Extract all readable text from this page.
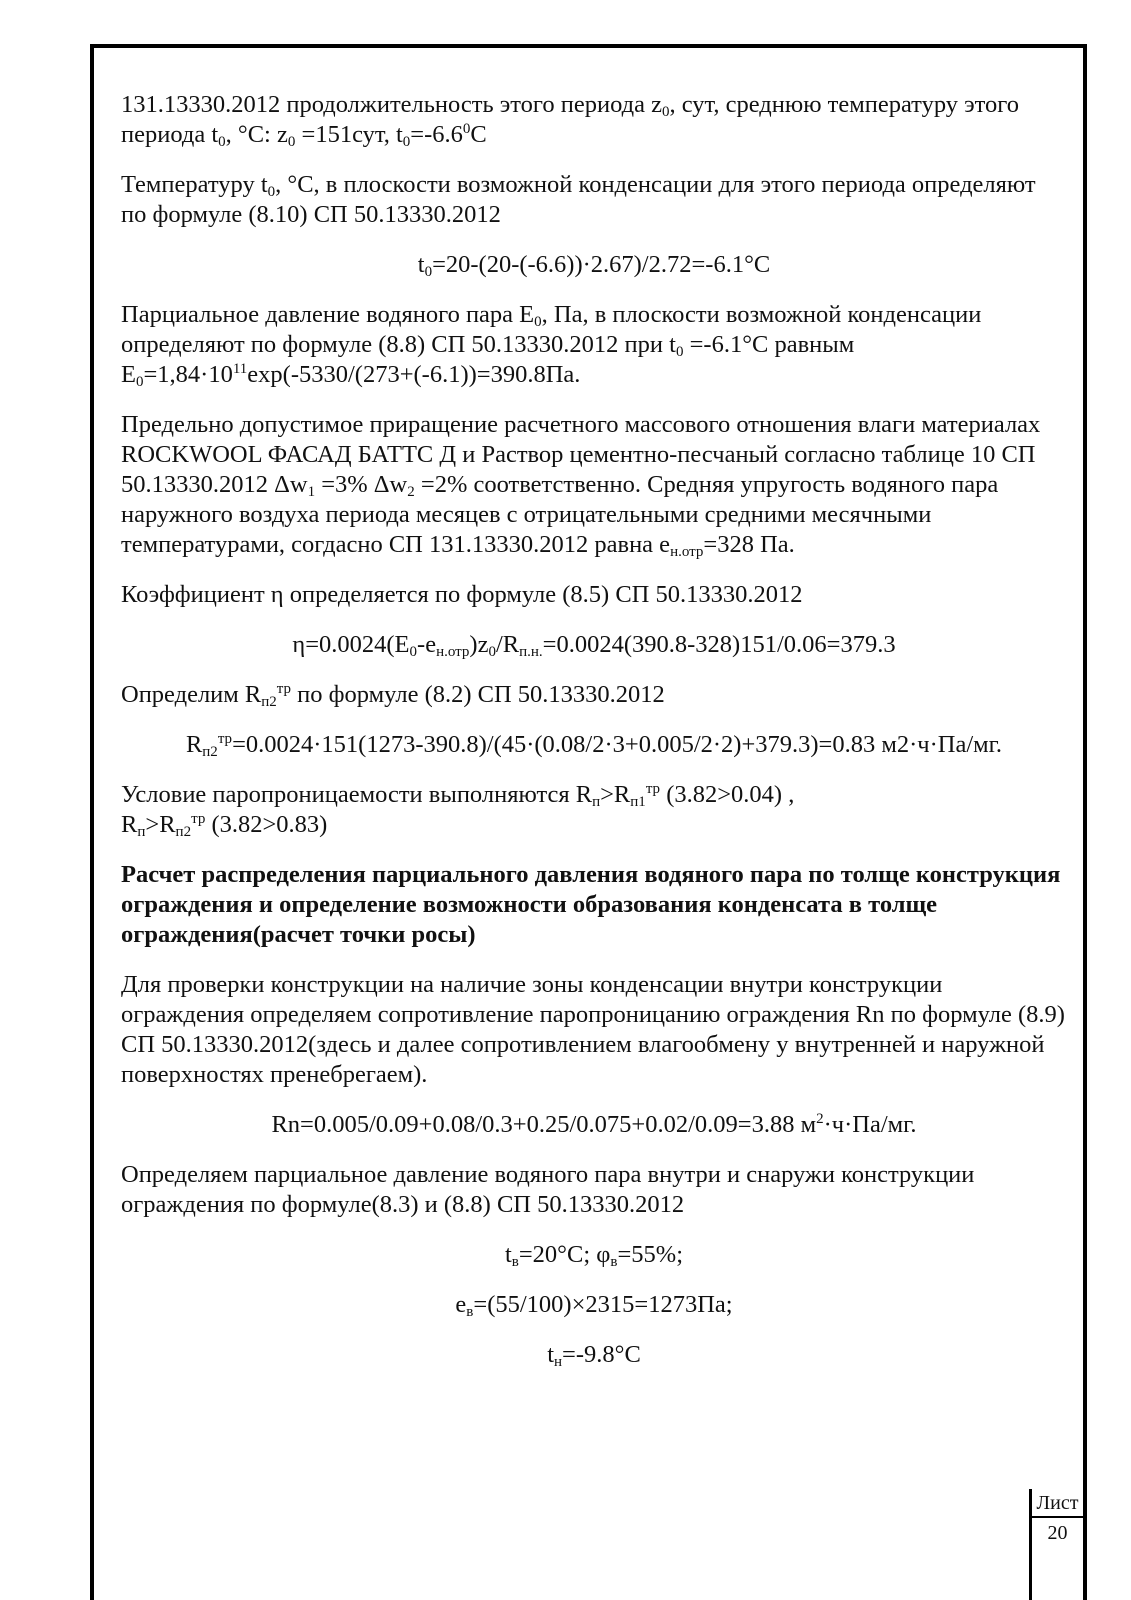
131.13330.2012 продолжительность этого периода $z_0$, сут, среднюю температуру этого периода $t_0$, °С: $z_0 =151сут$, $t_0=-6.6^0С$

Температуру $t_0$, °С, в плоскости возможной конденсации для этого периода определяют по формуле (8.10) СП 50.13330.2012

$t_0=20-(20-(-6.6))\cdot 2.67)/2.72=-6.1^\circ С$

Парциальное давление водяного пара $Е_0$, Па, в плоскости возможной конденсации определяют по формуле (8.8) СП 50.13330.2012 при $t_0 =-6.1^\circ С$ равным $Е_0=1,84\cdot 10^{11}\exp(-5330/(273+(-6.1))=390.8Па$.

Предельно допустимое приращение расчетного массового отношения влаги материалах ROCKWOOL ФАСАД БАТТС Д и Раствор цементно-песчаный согласно таблице 10 СП 50.13330.2012 $\Delta w_1 =3\%$ $\Delta w_2 =2\%$ соответственно. Средняя упругость водяного пара наружного воздуха периода месяцев с отрицательными средними месячными температурами, согдасно СП 131.13330.2012 равна $е_{н.отр}=328$ Па.

Коэффициент η определяется по формуле (8.5) СП 50.13330.2012

$\eta=0.0024(Е_0-е_{н.отр})z_0/R_{п.н.}=0.0024(390.8-328)151/0.06=379.3$

Определим $R_{п2}^{тр}$ по формуле (8.2) СП 50.13330.2012

$R_{п2}^{тр}=0.0024\cdot 151(1273-390.8)/(45\cdot(0.08/2\cdot 3+0.005/2\cdot 2)+379.3)=0.83$ м2·ч·Па/мг.

Условие паропроницаемости выполняются $R_п>R_{п1}^{тр}$ (3.82>0.04) ,
$R_п>R_{п2}^{тр}$ (3.82>0.83)

Расчет распределения парциального давления водяного пара по толще конструкция ограждения и определение возможности образования конденсата в толще ограждения(расчет точки росы)

Для проверки конструкции на наличие зоны конденсации внутри конструкции ограждения определяем сопротивление паропроницанию ограждения Rn по формуле (8.9) СП 50.13330.2012(здесь и далее сопротивлением влагообмену у внутренней и наружной поверхностях пренебрегаем).

Rn=0.005/0.09+0.08/0.3+0.25/0.075+0.02/0.09=3.88 $м^2\cdot ч\cdot Па/мг$.

Определяем парциальное давление водяного пара внутри и снаружи конструкции ограждения по формуле(8.3) и (8.8) СП 50.13330.2012

$t_в=20^\circ С$; $\varphi_в=55\%$;

$е_в=(55/100)\times 2315=1273Па$;

$t_н=-9.8^\circ С$

Лист
20
